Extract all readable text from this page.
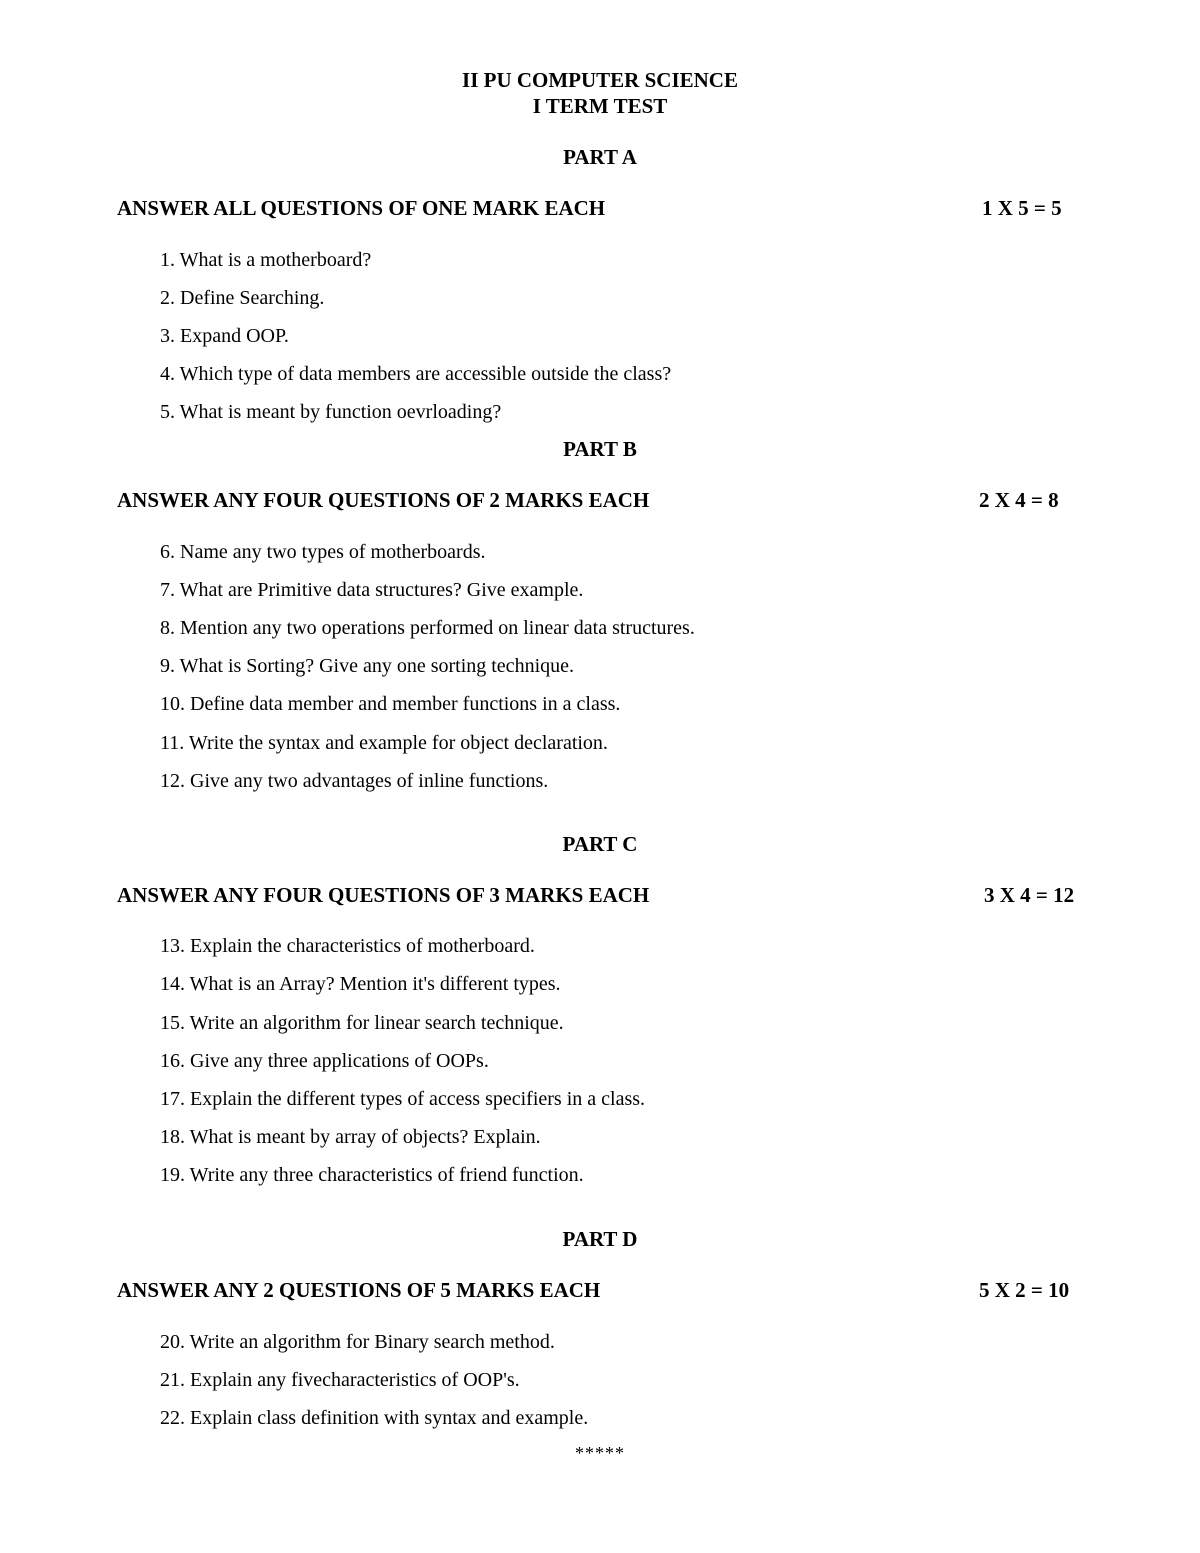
II PU COMPUTER SCIENCE
I TERM TEST
PART A
ANSWER ALL QUESTIONS OF ONE MARK EACH	1 X 5 = 5
1. What is a motherboard?
2. Define Searching.
3. Expand OOP.
4. Which type of data members are accessible outside the class?
5. What is meant by function oevrloading?
PART B
ANSWER ANY FOUR QUESTIONS OF 2 MARKS EACH	2 X 4 = 8
6. Name any two types of motherboards.
7. What are Primitive data structures? Give example.
8. Mention any two operations performed on linear data structures.
9. What is Sorting? Give any one sorting technique.
10. Define data member and member functions in a class.
11. Write the syntax and example for object declaration.
12. Give any two advantages of inline functions.
PART C
ANSWER ANY FOUR QUESTIONS OF 3 MARKS EACH	3 X 4 = 12
13. Explain the characteristics of motherboard.
14. What is an Array? Mention it's different types.
15. Write an algorithm for linear search technique.
16. Give any three applications of OOPs.
17. Explain the different types of access specifiers in a class.
18. What is meant by array of objects? Explain.
19. Write any three characteristics of friend function.
PART D
ANSWER ANY 2 QUESTIONS OF 5 MARKS EACH	5 X 2 = 10
20. Write an algorithm for Binary search method.
21. Explain any fivecharacteristics of OOP's.
22. Explain class definition with syntax and example.
*****
